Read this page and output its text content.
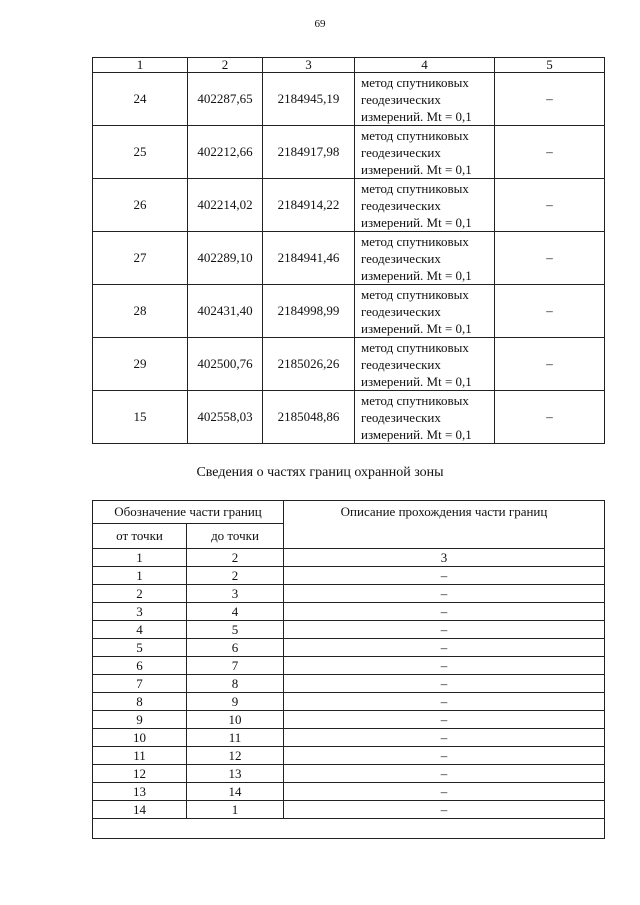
69
1	2	3	4	5
24	402287,65	2184945,19	метод спутниковых
геодезических
измерений. Mt = 0,1	–
25	402212,66	2184917,98	метод спутниковых
геодезических
измерений. Mt = 0,1	–
26	402214,02	2184914,22	метод спутниковых
геодезических
измерений. Mt = 0,1	–
27	402289,10	2184941,46	метод спутниковых
геодезических
измерений. Mt = 0,1	–
28	402431,40	2184998,99	метод спутниковых
геодезических
измерений. Mt = 0,1	–
29	402500,76	2185026,26	метод спутниковых
геодезических
измерений. Mt = 0,1	–
15	402558,03	2185048,86	метод спутниковых
геодезических
измерений. Mt = 0,1	–
Сведения о частях границ охранной зоны
Обозначение части границ		Описание прохождения части границ
от точки	до точки	
1	2	3
1	2	–
2	3	–
3	4	–
4	5	–
5	6	–
6	7	–
7	8	–
8	9	–
9	10	–
10	11	–
11	12	–
12	13	–
13	14	–
14	1	–
